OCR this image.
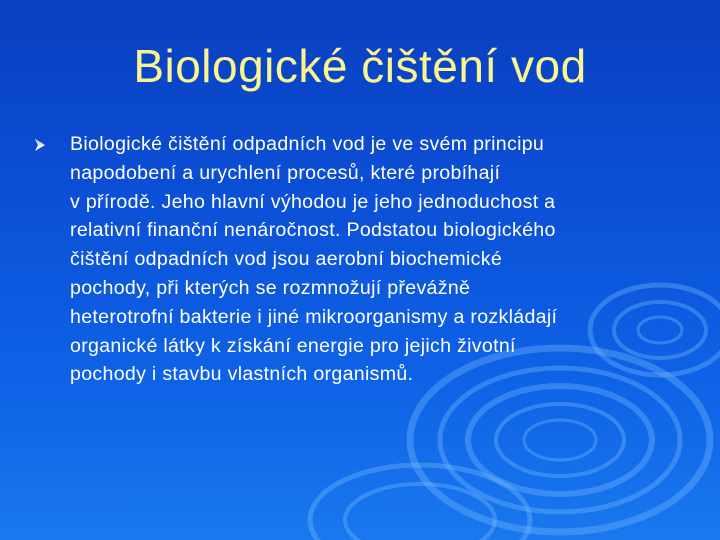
Biologické čištění vod
Biologické čištění odpadních vod je ve svém principu
napodobení a urychlení procesů, které probíhají
v přírodě. Jeho hlavní výhodou je jeho jednoduchost a
relativní finanční nenáročnost. Podstatou biologického
čištění odpadních vod jsou aerobní biochemické
pochody, při kterých se rozmnožují převážně
heterotrofní bakterie i jiné mikroorganismy a rozkládají
organické látky k získání energie pro jejich životní
pochody i stavbu vlastních organismů.
